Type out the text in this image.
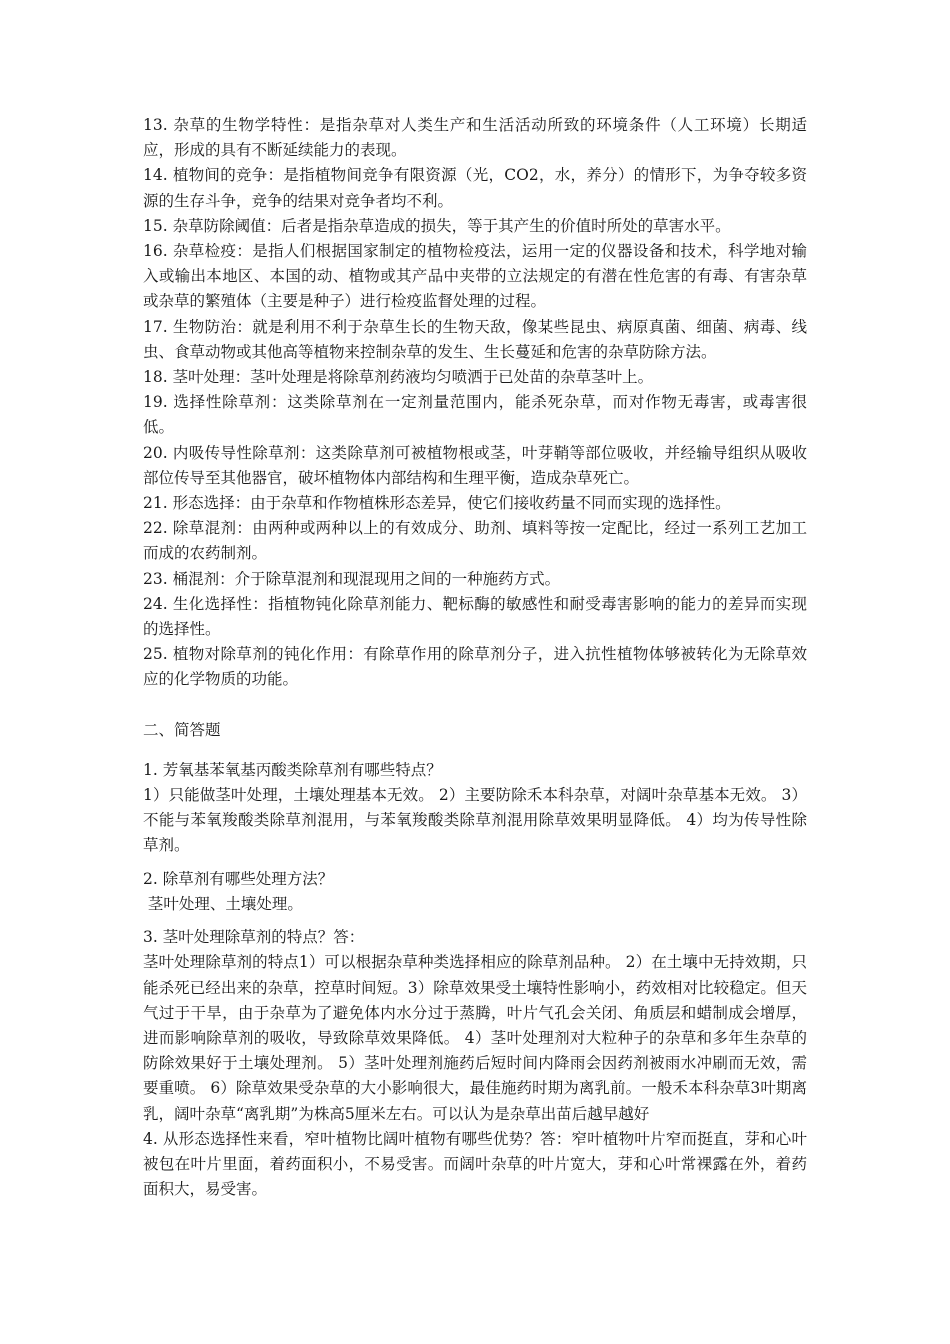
13. 杂草的生物学特性：是指杂草对人类生产和生活活动所致的环境条件（人工环境）长期适应，形成的具有不断延续能力的表现。

14. 植物间的竞争：是指植物间竞争有限资源（光，CO2，水，养分）的情形下，为争夺较多资源的生存斗争，竞争的结果对竞争者均不利。

15. 杂草防除阈值：后者是指杂草造成的损失，等于其产生的价值时所处的草害水平。

16. 杂草检疫：是指人们根据国家制定的植物检疫法，运用一定的仪器设备和技术，科学地对输入或输出本地区、本国的动、植物或其产品中夹带的立法规定的有潜在性危害的有毒、有害杂草或杂草的繁殖体（主要是种子）进行检疫监督处理的过程。

17. 生物防治：就是利用不利于杂草生长的生物天敌，像某些昆虫、病原真菌、细菌、病毒、线虫、食草动物或其他高等植物来控制杂草的发生、生长蔓延和危害的杂草防除方法。

18. 茎叶处理：茎叶处理是将除草剂药液均匀喷洒于已处苗的杂草茎叶上。

19. 选择性除草剂：这类除草剂在一定剂量范围内，能杀死杂草，而对作物无毒害，或毒害很低。

20. 内吸传导性除草剂：这类除草剂可被植物根或茎，叶芽鞘等部位吸收，并经输导组织从吸收部位传导至其他器官，破坏植物体内部结构和生理平衡，造成杂草死亡。

21. 形态选择：由于杂草和作物植株形态差异，使它们接收药量不同而实现的选择性。

22. 除草混剂：由两种或两种以上的有效成分、助剂、填料等按一定配比，经过一系列工艺加工而成的农药制剂。

23. 桶混剂：介于除草混剂和现混现用之间的一种施药方式。

24. 生化选择性：指植物钝化除草剂能力、靶标酶的敏感性和耐受毒害影响的能力的差异而实现的选择性。

25. 植物对除草剂的钝化作用：有除草作用的除草剂分子，进入抗性植物体够被转化为无除草效应的化学物质的功能。

二、简答题

1. 芳氧基苯氧基丙酸类除草剂有哪些特点？

1）只能做茎叶处理，土壤处理基本无效。 2）主要防除禾本科杂草，对阔叶杂草基本无效。 3）不能与苯氧羧酸类除草剂混用，与苯氧羧酸类除草剂混用除草效果明显降低。 4）均为传导性除草剂。

2. 除草剂有哪些处理方法？

茎叶处理、土壤处理。

3. 茎叶处理除草剂的特点？答：

茎叶处理除草剂的特点1）可以根据杂草种类选择相应的除草剂品种。 2）在土壤中无持效期，只能杀死已经出来的杂草，控草时间短。3）除草效果受土壤特性影响小，药效相对比较稳定。但天气过于干旱，由于杂草为了避免体内水分过于蒸腾，叶片气孔会关闭、角质层和蜡制成会增厚，进而影响除草剂的吸收，导致除草效果降低。 4）茎叶处理剂对大粒种子的杂草和多年生杂草的防除效果好于土壤处理剂。 5）茎叶处理剂施药后短时间内降雨会因药剂被雨水冲刷而无效，需要重喷。 6）除草效果受杂草的大小影响很大，最佳施药时期为离乳前。一般禾本科杂草3叶期离乳，阔叶杂草“离乳期”为株高5厘米左右。可以认为是杂草出苗后越早越好

4. 从形态选择性来看，窄叶植物比阔叶植物有哪些优势？答：窄叶植物叶片窄而挺直，芽和心叶被包在叶片里面，着药面积小，不易受害。而阔叶杂草的叶片宽大，芽和心叶常裸露在外，着药面积大，易受害。
